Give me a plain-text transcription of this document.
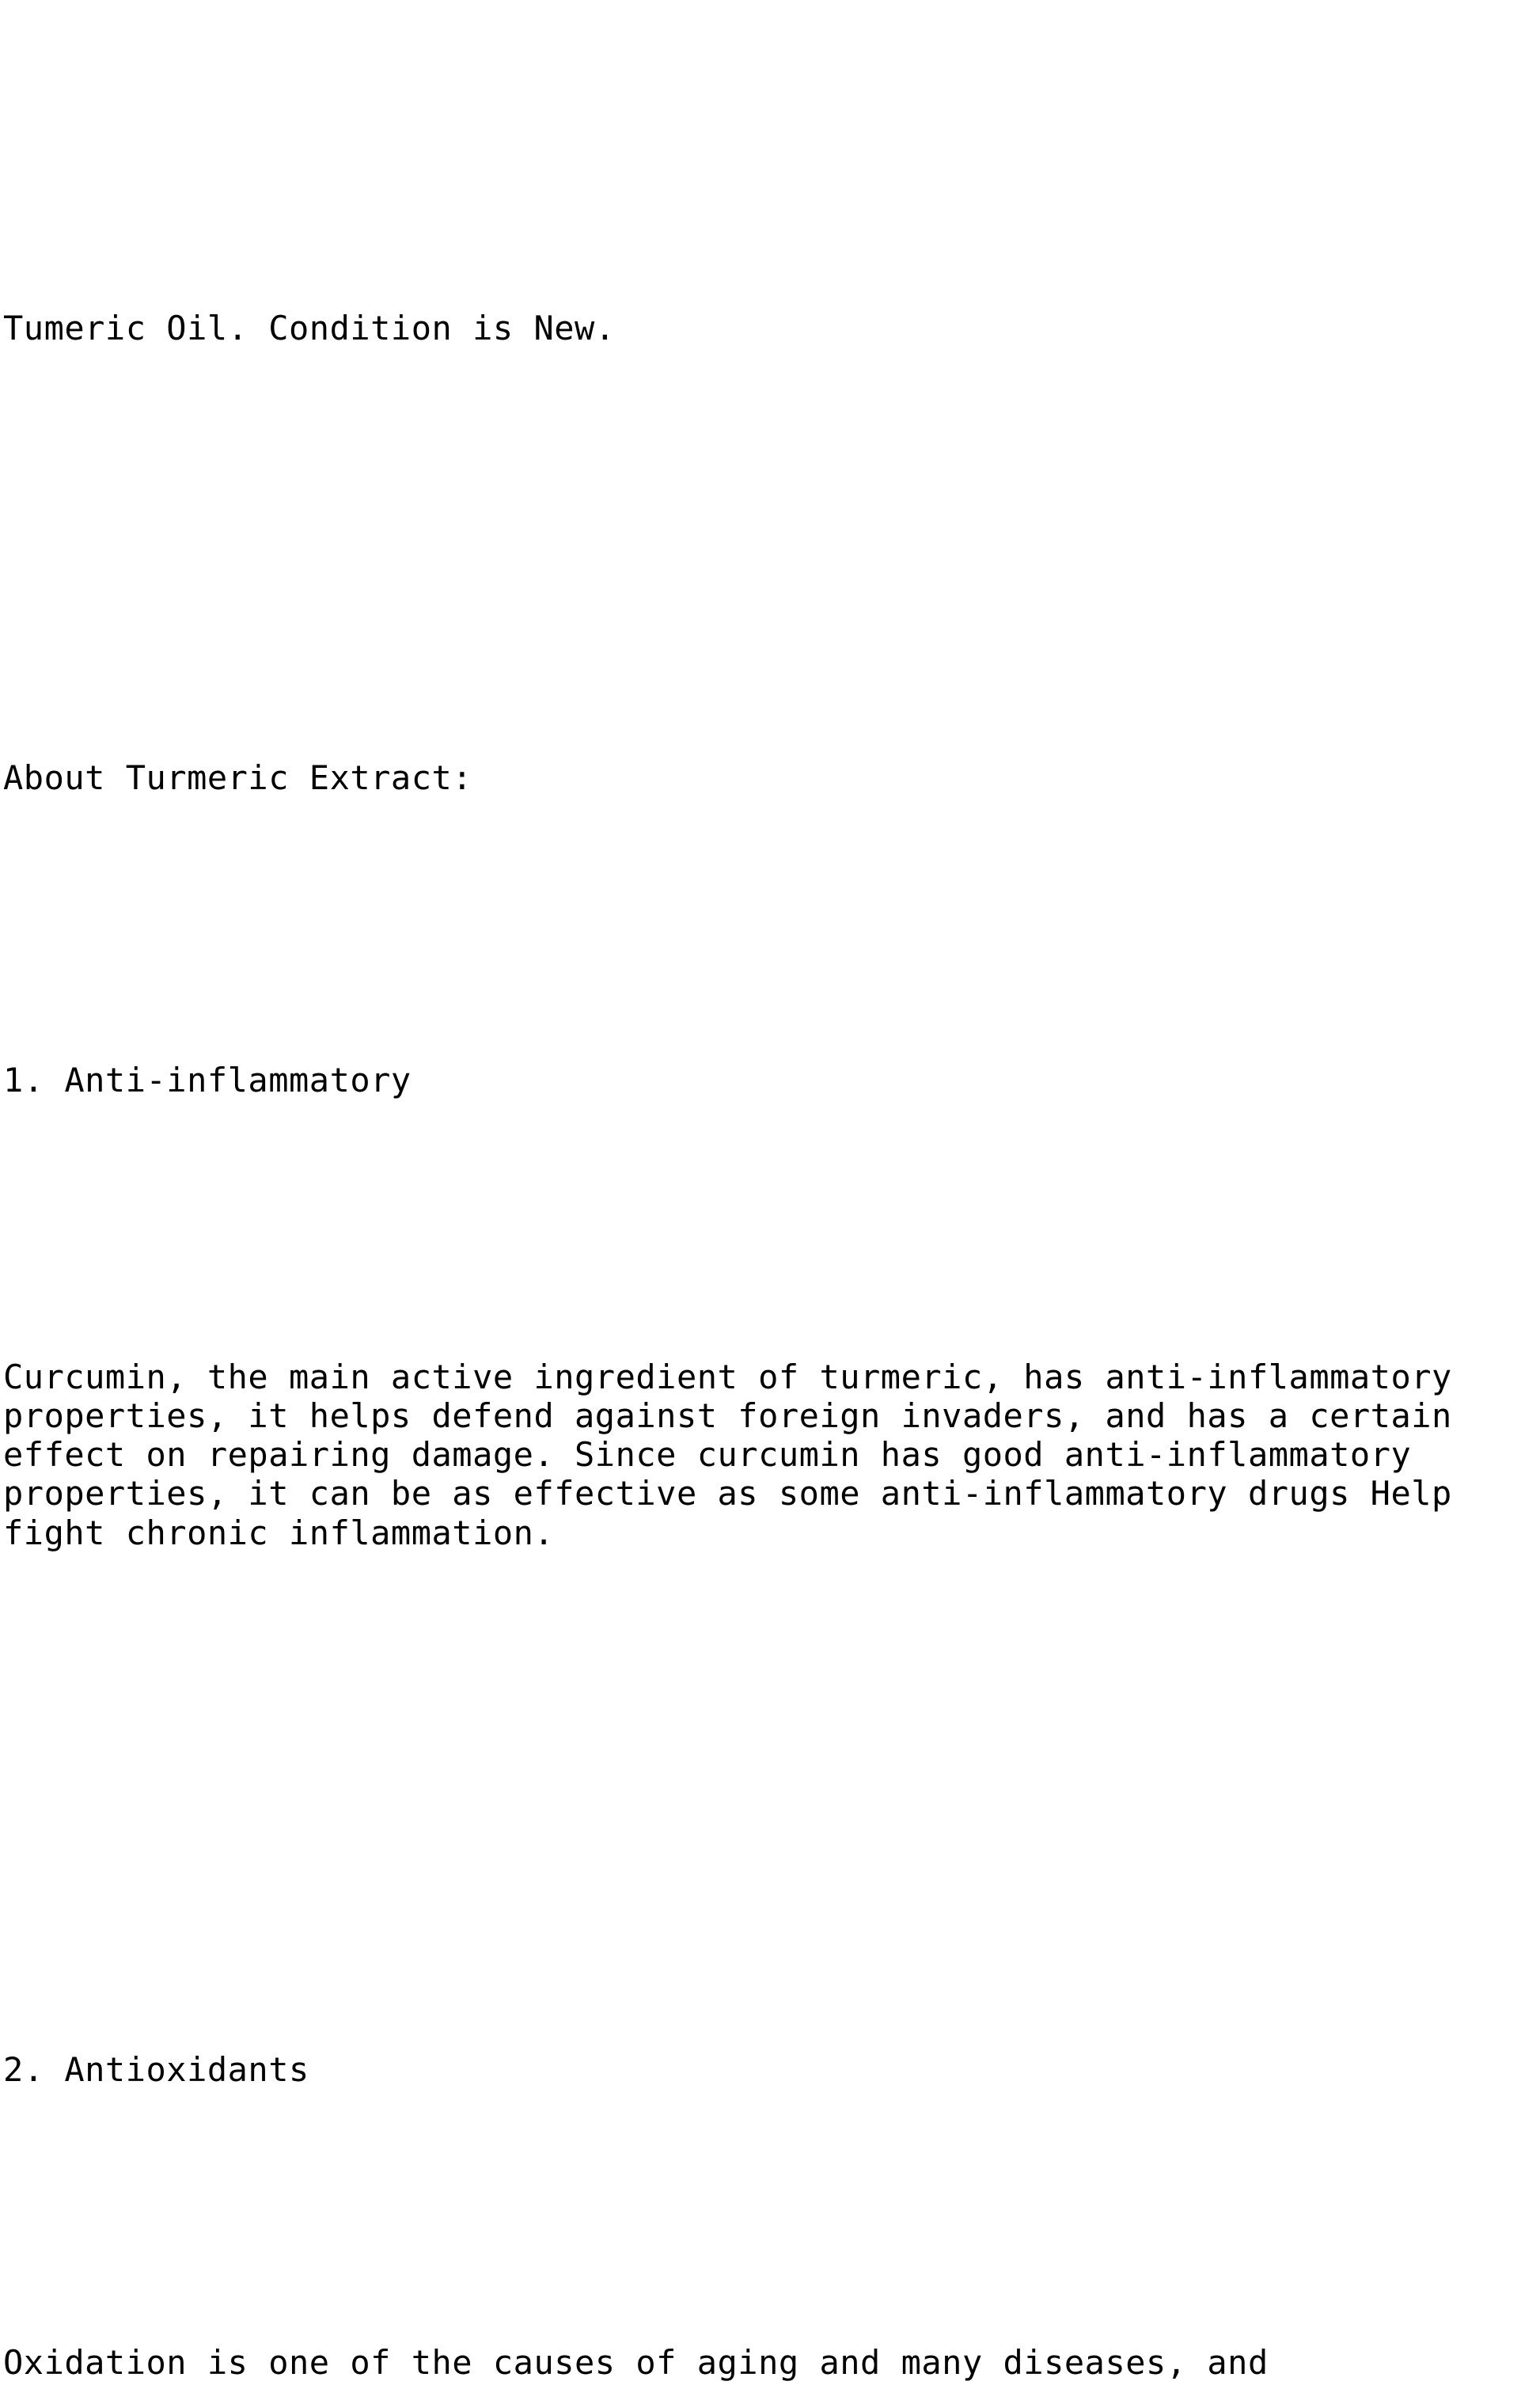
Tumeric Oil. Condition is New.
About Turmeric Extract:
1. Anti-inflammatory
Curcumin, the main active ingredient of turmeric, has anti-inflammatory properties, it helps defend against foreign invaders, and has a certain effect on repairing damage. Since curcumin has good anti-inflammatory properties, it can be as effective as some anti-inflammatory drugs Help fight chronic inflammation.
2. Antioxidants
Oxidation is one of the causes of aging and many diseases, and
